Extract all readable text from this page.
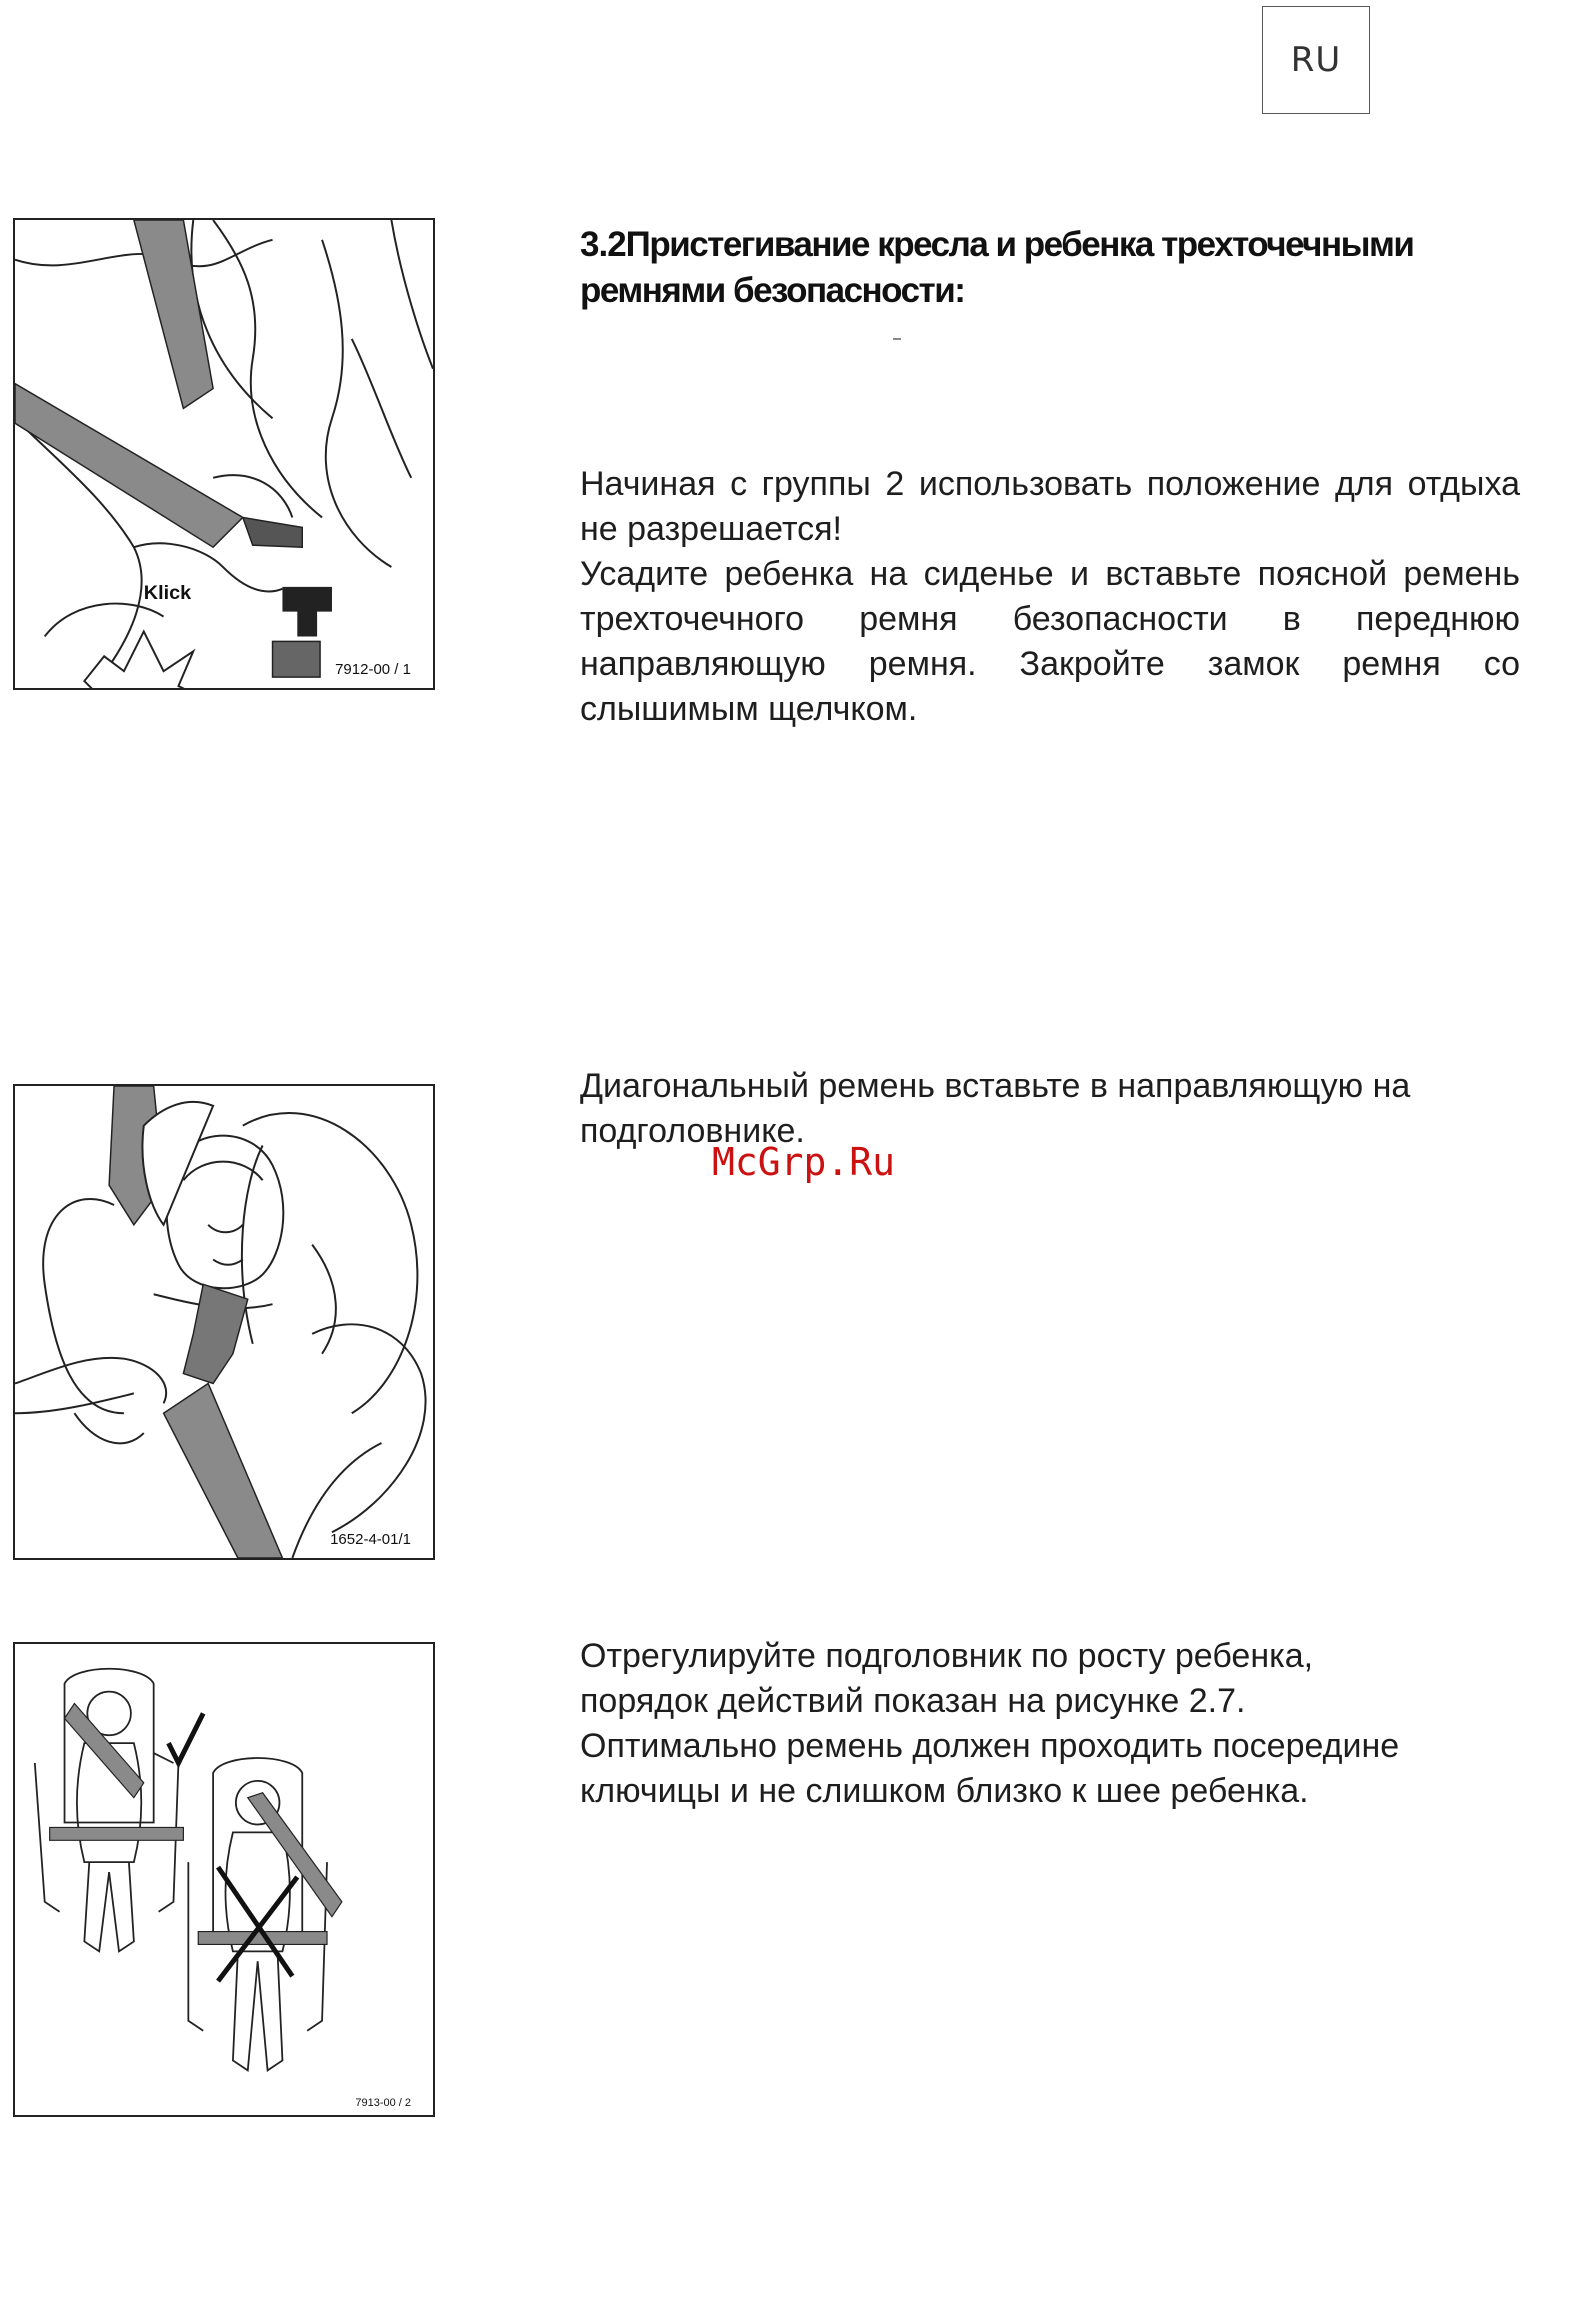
RU
Klick
7912-00 / 1
3.2Пристегивание кресла и ребенка трехточечными
ремнями безопасности:

Начиная с группы 2 использовать положение для отдыха не разрешается!

Усадите ребенка на сиденье и вставьте поясной ремень трехточечного ремня безопасности в переднюю направляющую ремня. Закройте замок ремня со слышимым щелчком.

1652-4-01/1

Диагональный ремень вставьте в направляющую на подголовнике.

7913-00 / 2

Отрегулируйте подголовник по росту ребенка,

порядок действий показан на рисунке 2.7.

Оптимально ремень должен проходить посередине

ключицы и не слишком близко к шее ребенка.

McGrp.Ru
